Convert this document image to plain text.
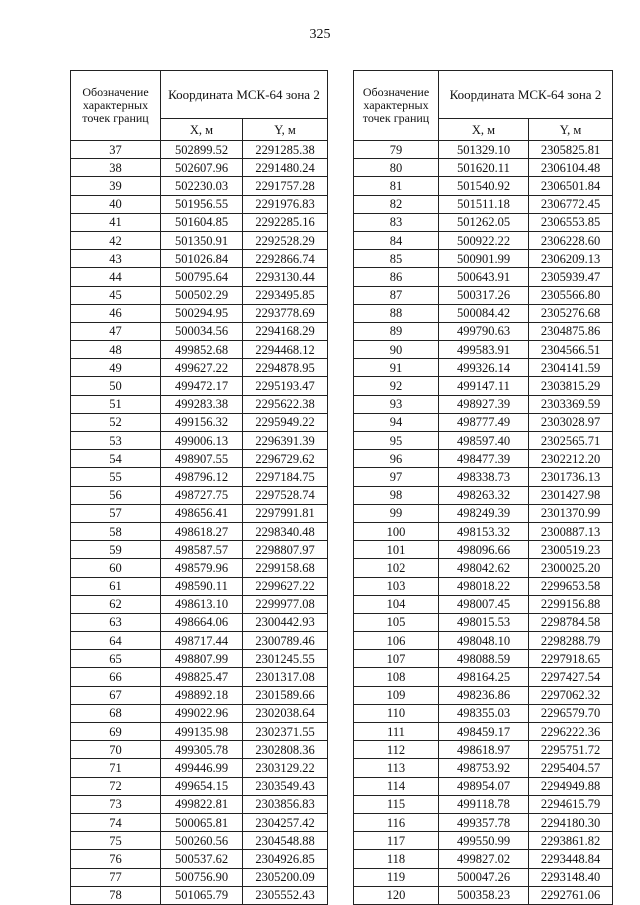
325
Обозначение характерных точек границ	Координата МСК-64 зона 2	
	X, м	Y, м
37	502899.52	2291285.38
38	502607.96	2291480.24
39	502230.03	2291757.28
40	501956.55	2291976.83
41	501604.85	2292285.16
42	501350.91	2292528.29
43	501026.84	2292866.74
44	500795.64	2293130.44
45	500502.29	2293495.85
46	500294.95	2293778.69
47	500034.56	2294168.29
48	499852.68	2294468.12
49	499627.22	2294878.95
50	499472.17	2295193.47
51	499283.38	2295622.38
52	499156.32	2295949.22
53	499006.13	2296391.39
54	498907.55	2296729.62
55	498796.12	2297184.75
56	498727.75	2297528.74
57	498656.41	2297991.81
58	498618.27	2298340.48
59	498587.57	2298807.97
60	498579.96	2299158.68
61	498590.11	2299627.22
62	498613.10	2299977.08
63	498664.06	2300442.93
64	498717.44	2300789.46
65	498807.99	2301245.55
66	498825.47	2301317.08
67	498892.18	2301589.66
68	499022.96	2302038.64
69	499135.98	2302371.55
70	499305.78	2302808.36
71	499446.99	2303129.22
72	499654.15	2303549.43
73	499822.81	2303856.83
74	500065.81	2304257.42
75	500260.56	2304548.88
76	500537.62	2304926.85
77	500756.90	2305200.09
78	501065.79	2305552.43
Обозначение характерных точек границ	Координата МСК-64 зона 2	
	X, м	Y, м
79	501329.10	2305825.81
80	501620.11	2306104.48
81	501540.92	2306501.84
82	501511.18	2306772.45
83	501262.05	2306553.85
84	500922.22	2306228.60
85	500901.99	2306209.13
86	500643.91	2305939.47
87	500317.26	2305566.80
88	500084.42	2305276.68
89	499790.63	2304875.86
90	499583.91	2304566.51
91	499326.14	2304141.59
92	499147.11	2303815.29
93	498927.39	2303369.59
94	498777.49	2303028.97
95	498597.40	2302565.71
96	498477.39	2302212.20
97	498338.73	2301736.13
98	498263.32	2301427.98
99	498249.39	2301370.99
100	498153.32	2300887.13
101	498096.66	2300519.23
102	498042.62	2300025.20
103	498018.22	2299653.58
104	498007.45	2299156.88
105	498015.53	2298784.58
106	498048.10	2298288.79
107	498088.59	2297918.65
108	498164.25	2297427.54
109	498236.86	2297062.32
110	498355.03	2296579.70
111	498459.17	2296222.36
112	498618.97	2295751.72
113	498753.92	2295404.57
114	498954.07	2294949.88
115	499118.78	2294615.79
116	499357.78	2294180.30
117	499550.99	2293861.82
118	499827.02	2293448.84
119	500047.26	2293148.40
120	500358.23	2292761.06
